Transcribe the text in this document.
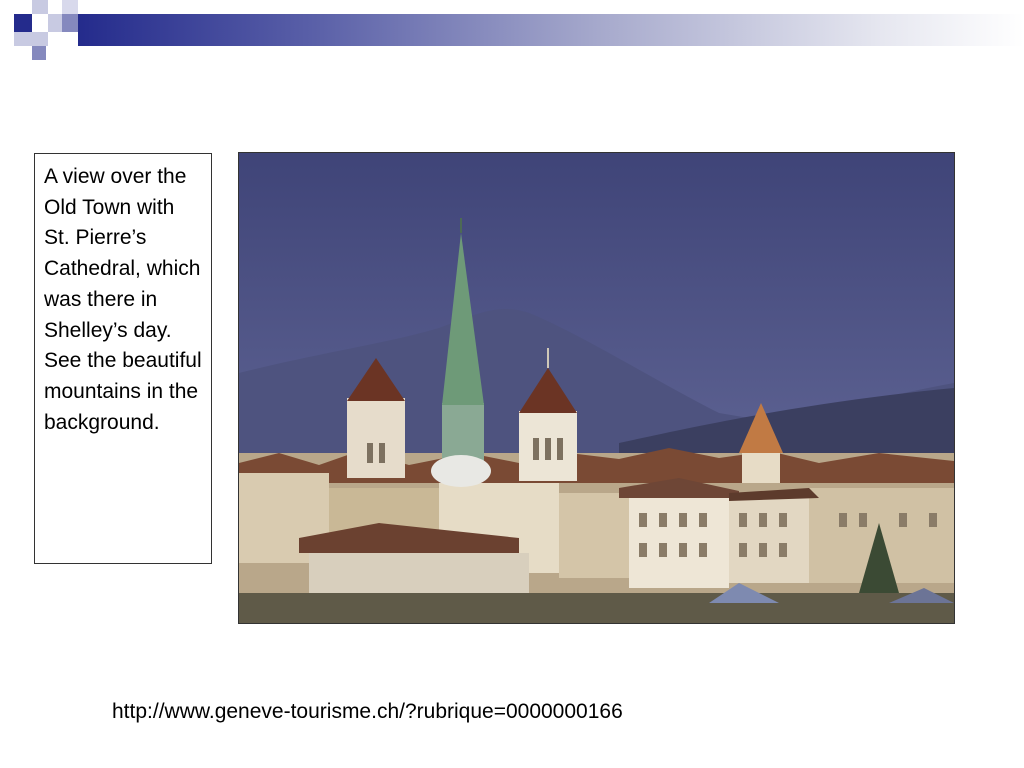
A view over the Old Town with St. Pierre’s Cathedral, which was there in Shelley’s day. See the beautiful mountains in the background.
http://www.geneve-tourisme.ch/?rubrique=0000000166
